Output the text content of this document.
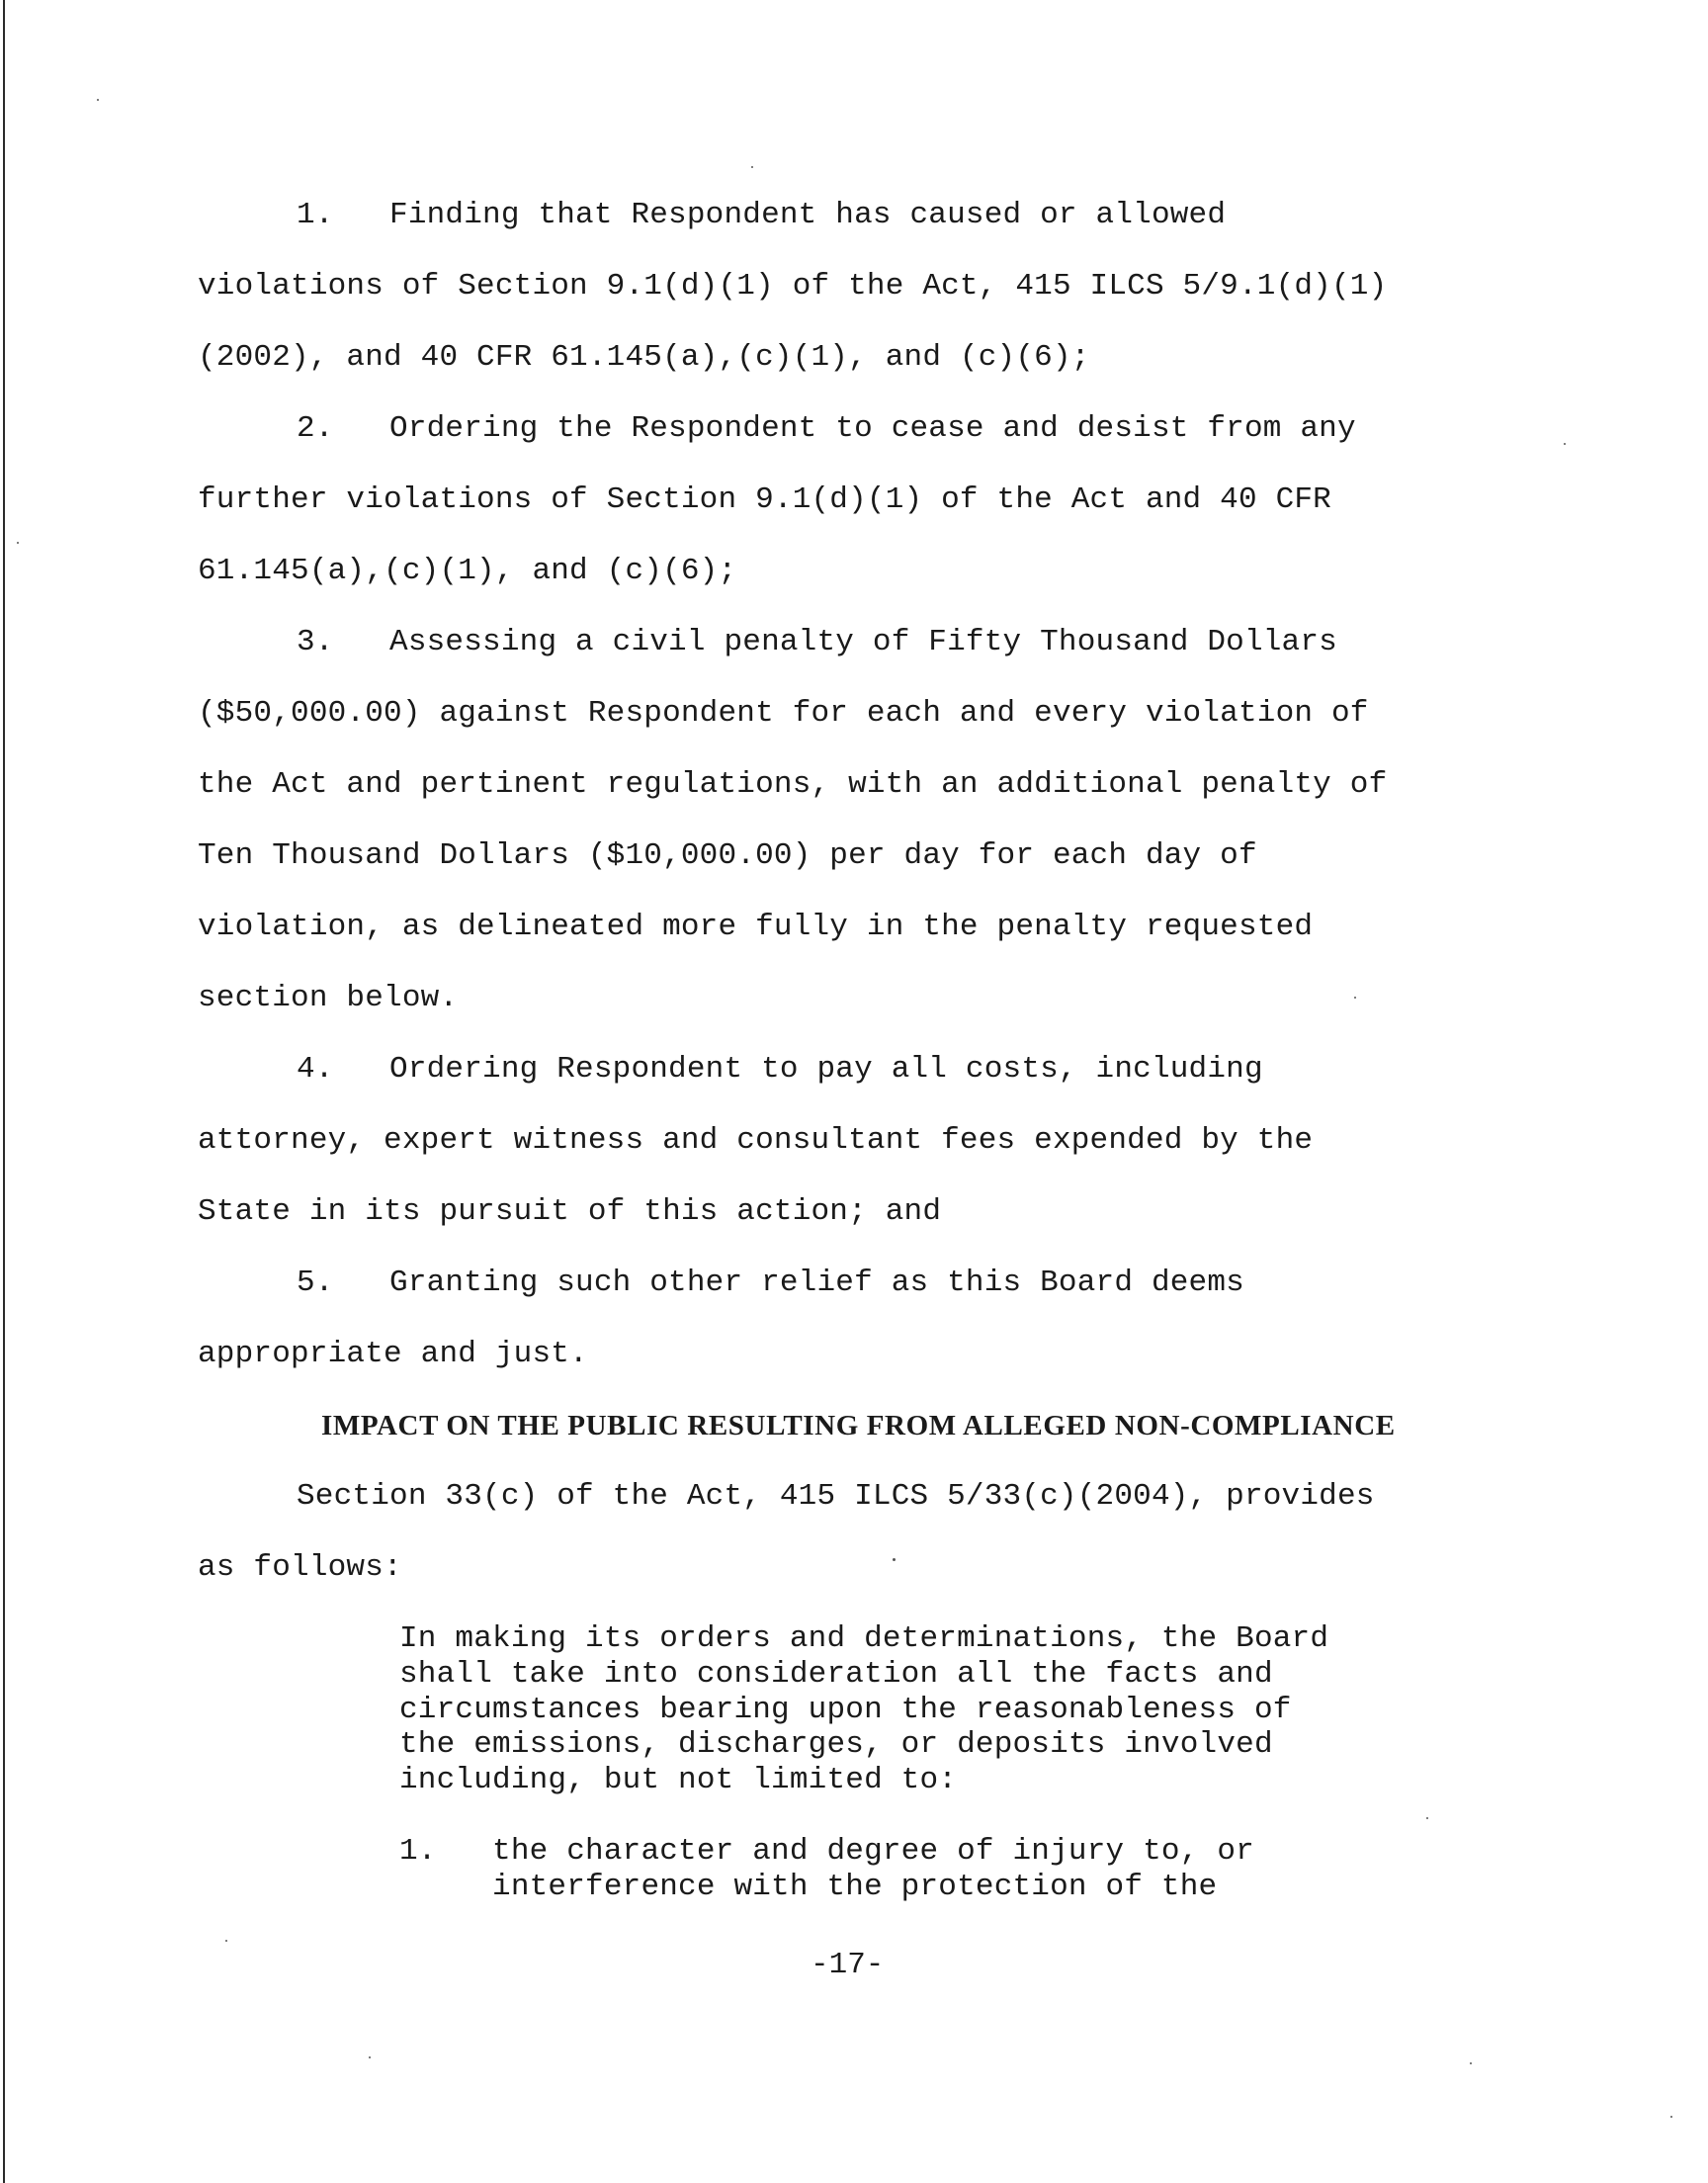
1.   Finding that Respondent has caused or allowed
violations of Section 9.1(d)(1) of the Act, 415 ILCS 5/9.1(d)(1)
(2002), and 40 CFR 61.145(a),(c)(1), and (c)(6);
2.   Ordering the Respondent to cease and desist from any
further violations of Section 9.1(d)(1) of the Act and 40 CFR
61.145(a),(c)(1), and (c)(6);
3.   Assessing a civil penalty of Fifty Thousand Dollars
($50,000.00) against Respondent for each and every violation of
the Act and pertinent regulations, with an additional penalty of
Ten Thousand Dollars ($10,000.00) per day for each day of
violation, as delineated more fully in the penalty requested
section below.
4.   Ordering Respondent to pay all costs, including
attorney, expert witness and consultant fees expended by the
State in its pursuit of this action; and
5.   Granting such other relief as this Board deems
appropriate and just.
IMPACT ON THE PUBLIC RESULTING FROM ALLEGED NON-COMPLIANCE
Section 33(c) of the Act, 415 ILCS 5/33(c)(2004), provides
as follows:
In making its orders and determinations, the Board
shall take into consideration all the facts and
circumstances bearing upon the reasonableness of
the emissions, discharges, or deposits involved
including, but not limited to:
1.   the character and degree of injury to, or
interference with the protection of the
-17-
